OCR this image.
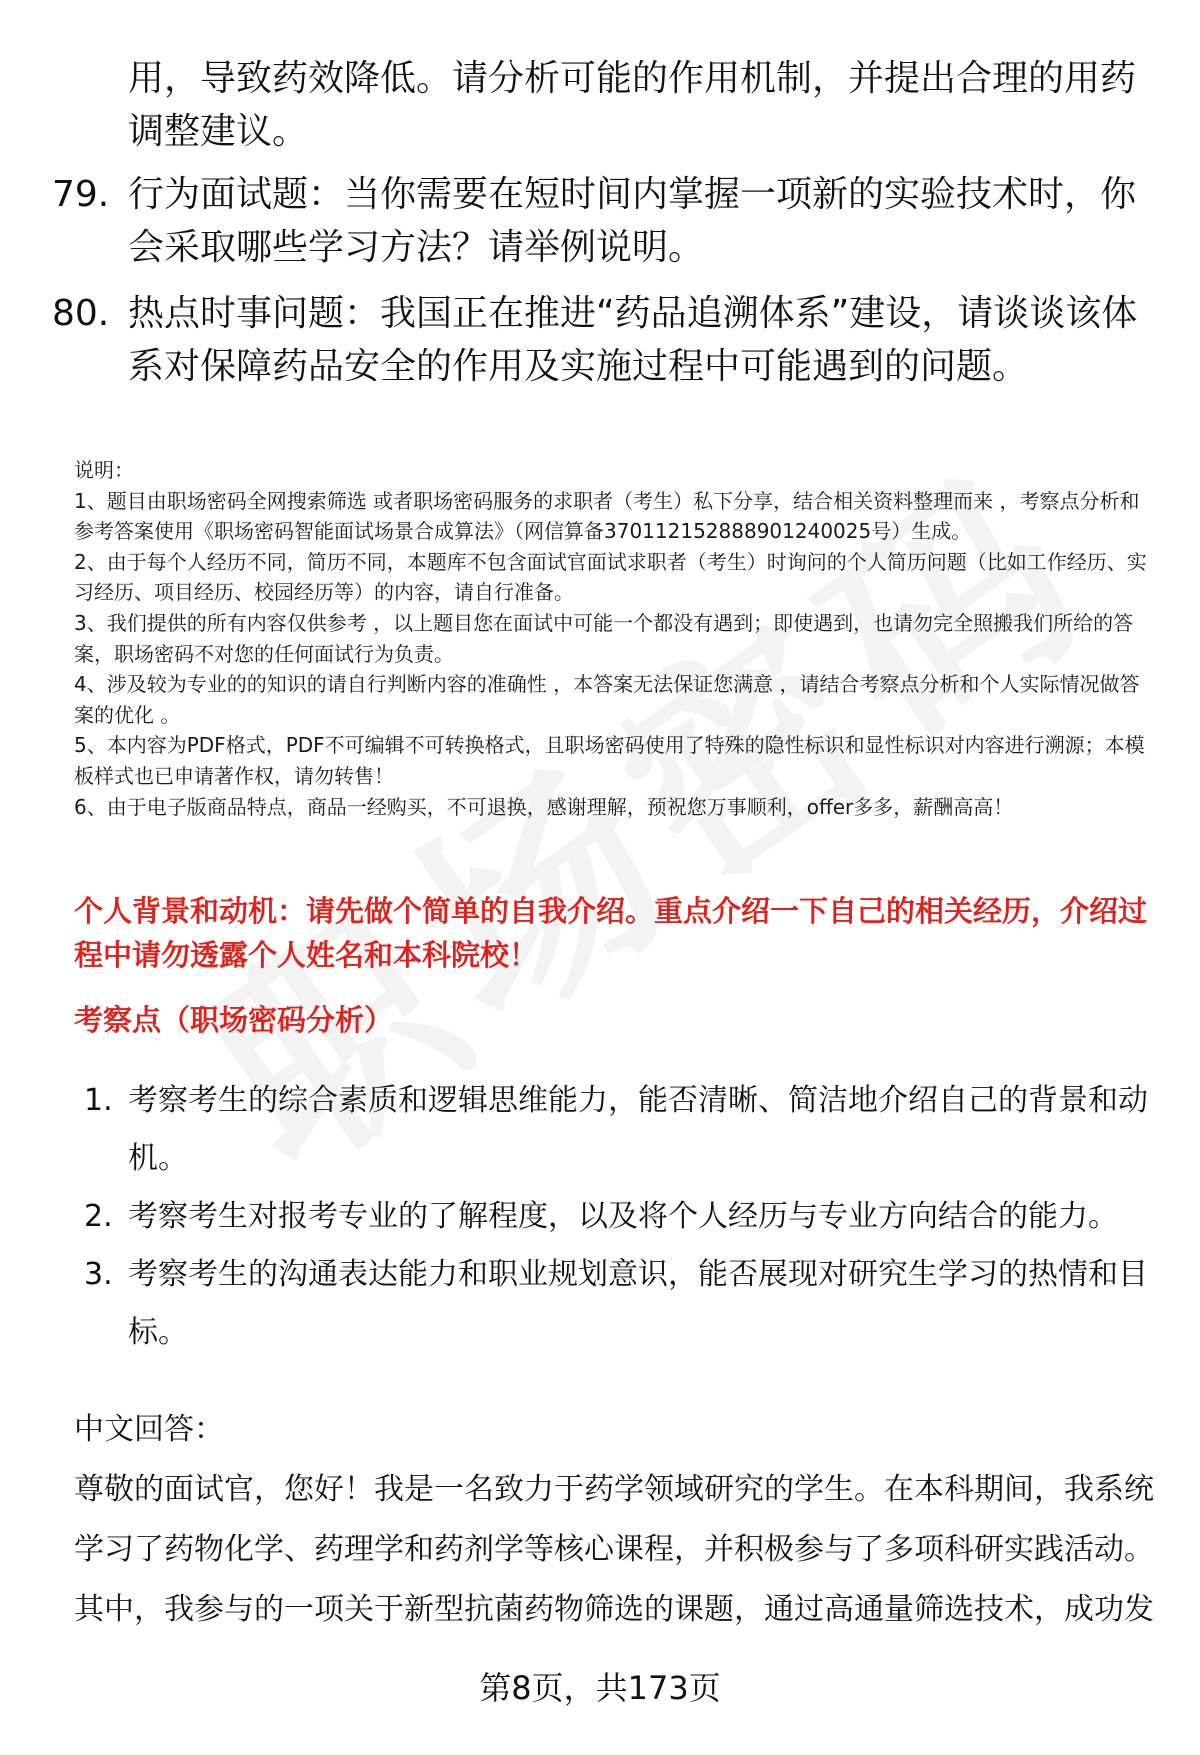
用，导致药效降低。请分析可能的作用机制，并提出合理的用药调整建议。
79. 行为面试题：当你需要在短时间内掌握一项新的实验技术时，你会采取哪些学习方法？请举例说明。
80. 热点时事问题：我国正在推进“药品追溯体系”建设，请谈谈该体系对保障药品安全的作用及实施过程中可能遇到的问题。

说明：

1、题目由职场密码全网搜索筛选 或者职场密码服务的求职者（考生）私下分享，结合相关资料整理而来 ，考察点分析和参考答案使用《职场密码智能面试场景合成算法》（网信算备370112152888901240025号）生成。

2、由于每个人经历不同，简历不同，本题库不包含面试官面试求职者（考生）时询问的个人简历问题（比如工作经历、实习经历、项目经历、校园经历等）的内容，请自行准备。

3、我们提供的所有内容仅供参考 ，以上题目您在面试中可能一个都没有遇到；即使遇到，也请勿完全照搬我们所给的答案，职场密码不对您的任何面试行为负责。

4、涉及较为专业的的知识的请自行判断内容的准确性 ，本答案无法保证您满意 ，请结合考察点分析和个人实际情况做答案的优化 。

5、本内容为PDF格式，PDF不可编辑不可转换格式，且职场密码使用了特殊的隐性标识和显性标识对内容进行溯源；本模板样式也已申请著作权，请勿转售！

6、由于电子版商品特点，商品一经购买，不可退换，感谢理解，预祝您万事顺利，offer多多，薪酬高高！

个人背景和动机：请先做个简单的自我介绍。重点介绍一下自己的相关经历，介绍过程中请勿透露个人姓名和本科院校！
考察点（职场密码分析）
1. 考察考生的综合素质和逻辑思维能力，能否清晰、简洁地介绍自己的背景和动机。
2. 考察考生对报考专业的了解程度，以及将个人经历与专业方向结合的能力。
3. 考察考生的沟通表达能力和职业规划意识，能否展现对研究生学习的热情和目标。
中文回答：
尊敬的面试官，您好！我是一名致力于药学领域研究的学生。在本科期间，我系统学习了药物化学、药理学和药剂学等核心课程，并积极参与了多项科研实践活动。其中，我参与的一项关于新型抗菌药物筛选的课题，通过高通量筛选技术，成功发
第8页，共173页
